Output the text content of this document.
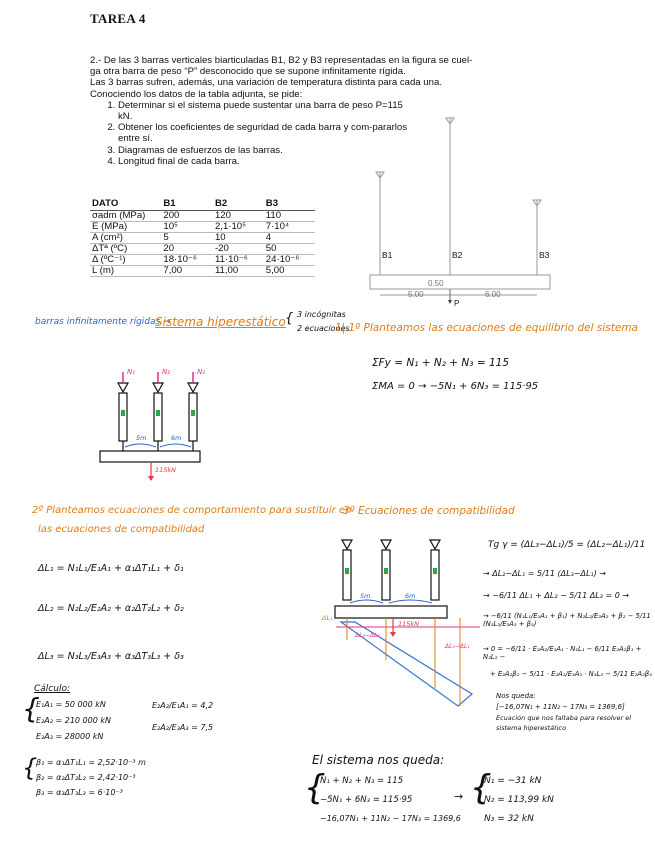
TAREA 4

2.- De las 3 barras verticales biarticuladas B1, B2 y B3 representadas en la figura se cuel-

ga otra barra de peso “P” desconocido que se supone infinitamente rígida.

Las 3 barras sufren, además, una variación de temperatura distinta para cada una.

Conociendo los datos de la tabla adjunta, se pide:

1. Determinar si el sistema puede sustentar una barra de peso P=115 kN.
2. Obtener los coeficientes de seguridad de cada barra y com-pararlos entre sí.
3. Diagramas de esfuerzos de las barras.
4. Longitud final de cada barra.
DATO	B1	B2	B3
σadm (MPa)	200	120	110
E (MPa)	10⁵	2,1·10⁵	7·10⁴
A (cm²)	5	10	4
ΔTª (ºC)	20	-20	50
Δ (ºC⁻¹)	18·10⁻⁶	11·10⁻⁶	24·10⁻⁶
L (m)	7,00	11,00	5,00
B1	B2	B3
0.50
5.00	6.00
P
barras infinitamente rígidas →
Sistema hiperestático { 3 incógnitas
2 ecuaciones
1| 1º Planteamos las ecuaciones de equilibrio del sistema
ΣFy = N₁ + N₂ + N₃ = 115
ΣMA = 0 → −5N₁ + 6N₃ = 115·95
N₁	N₂	N₃
5m	6m
115kN
2º Planteamos ecuaciones de comportamiento para sustituir en
las ecuaciones de compatibilidad
ΔL₁ = N₁L₁/E₁A₁ + α₁ΔT₁L₁ + δ₁
ΔL₂ = N₂L₂/E₂A₂ + α₂ΔT₂L₂ + δ₂
ΔL₃ = N₃L₃/E₃A₃ + α₃ΔT₃L₃ + δ₃
Cálculo:
{
E₁A₁ = 50 000 kN
E₂A₂ = 210 000 kN
E₃A₃ = 28000 kN
E₂A₂/E₁A₁ = 4,2
E₂A₂/E₃A₃ = 7,5
{
β₁ = α₁ΔT₁L₁ = 2,52·10⁻³ m
β₂ = α₂ΔT₂L₂ = 2,42·10⁻³
β₃ = α₃ΔT₃L₃ = 6·10⁻³
3º Ecuaciones de compatibilidad
5m	6m
115kN
ΔL₁
ΔL₂−ΔL₁
ΔL₃−ΔL₁
Tg γ = (ΔL₃−ΔL₁)/5 = (ΔL₂−ΔL₁)/11
→ ΔL₂−ΔL₁ = 5/11 (ΔL₃−ΔL₁) →
→ −6/11 ΔL₁ + ΔL₂ − 5/11 ΔL₃ = 0 →
→ −6/11 (N₁L₁/E₁A₁ + β₁) + N₂L₂/E₂A₂ + β₂ − 5/11 (N₃L₃/E₃A₃ + β₃)
→ 0 = −6/11 · E₂A₂/E₁A₁ · N₁L₁ − 6/11 E₂A₂β₁ + N₂L₂ −
+ E₂A₂β₂ − 5/11 · E₂A₂/E₃A₃ · N₃L₃ − 5/11 E₂A₂β₃
Nos queda:
[−16,07N₁ + 11N₂ − 17N₃ = 1369,6]
Ecuación que nos faltaba para resolver el
sistema hiperestático
El sistema nos queda:
{
N₁ + N₂ + N₃ = 115
−5N₁ + 6N₃ = 115·95
−16,07N₁ + 11N₂ − 17N₃ = 1369,6
→ {
N₁ = −31 kN
N₂ = 113,99 kN
N₃ = 32 kN
